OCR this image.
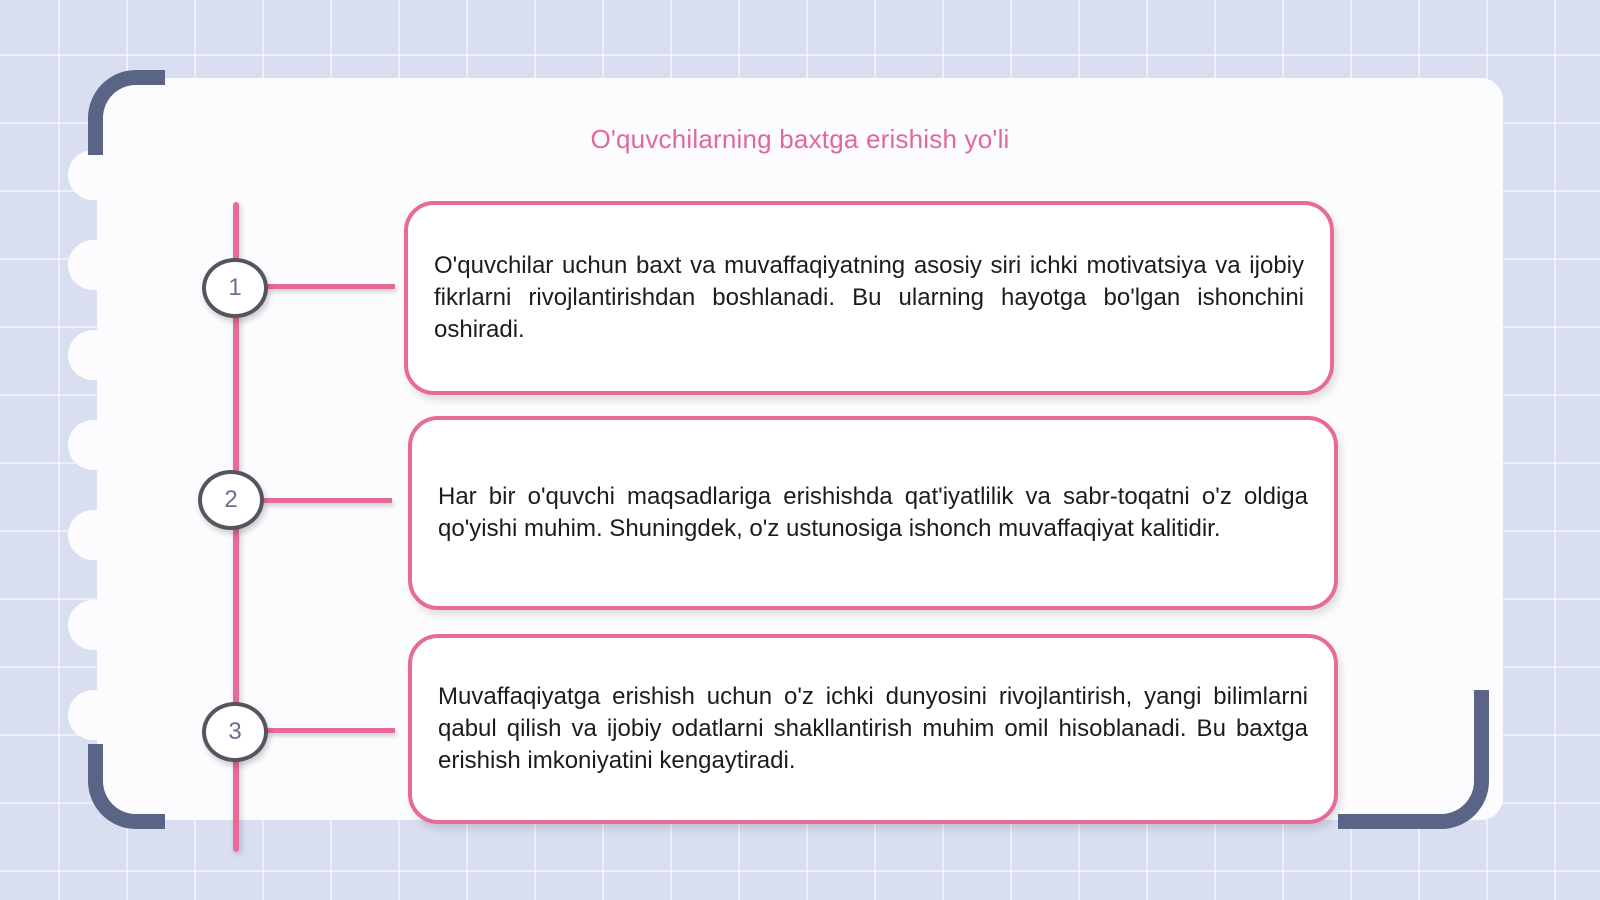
O'quvchilarning baxtga erishish yo'li
1
2
3

O'quvchilar uchun baxt va muvaffaqiyatning asosiy siri ichki motivatsiya va ijobiy fikrlarni rivojlantirishdan boshlanadi. Bu ularning hayotga bo'lgan ishonchini oshiradi.

Har bir o'quvchi maqsadlariga erishishda qat'iyatlilik va sabr-toqatni o'z oldiga qo'yishi muhim. Shuningdek, o'z ustunosiga ishonch muvaffaqiyat kalitidir.

Muvaffaqiyatga erishish uchun o'z ichki dunyosini rivojlantirish, yangi bilimlarni qabul qilish va ijobiy odatlarni shakllantirish muhim omil hisoblanadi. Bu baxtga erishish imkoniyatini kengaytiradi.
